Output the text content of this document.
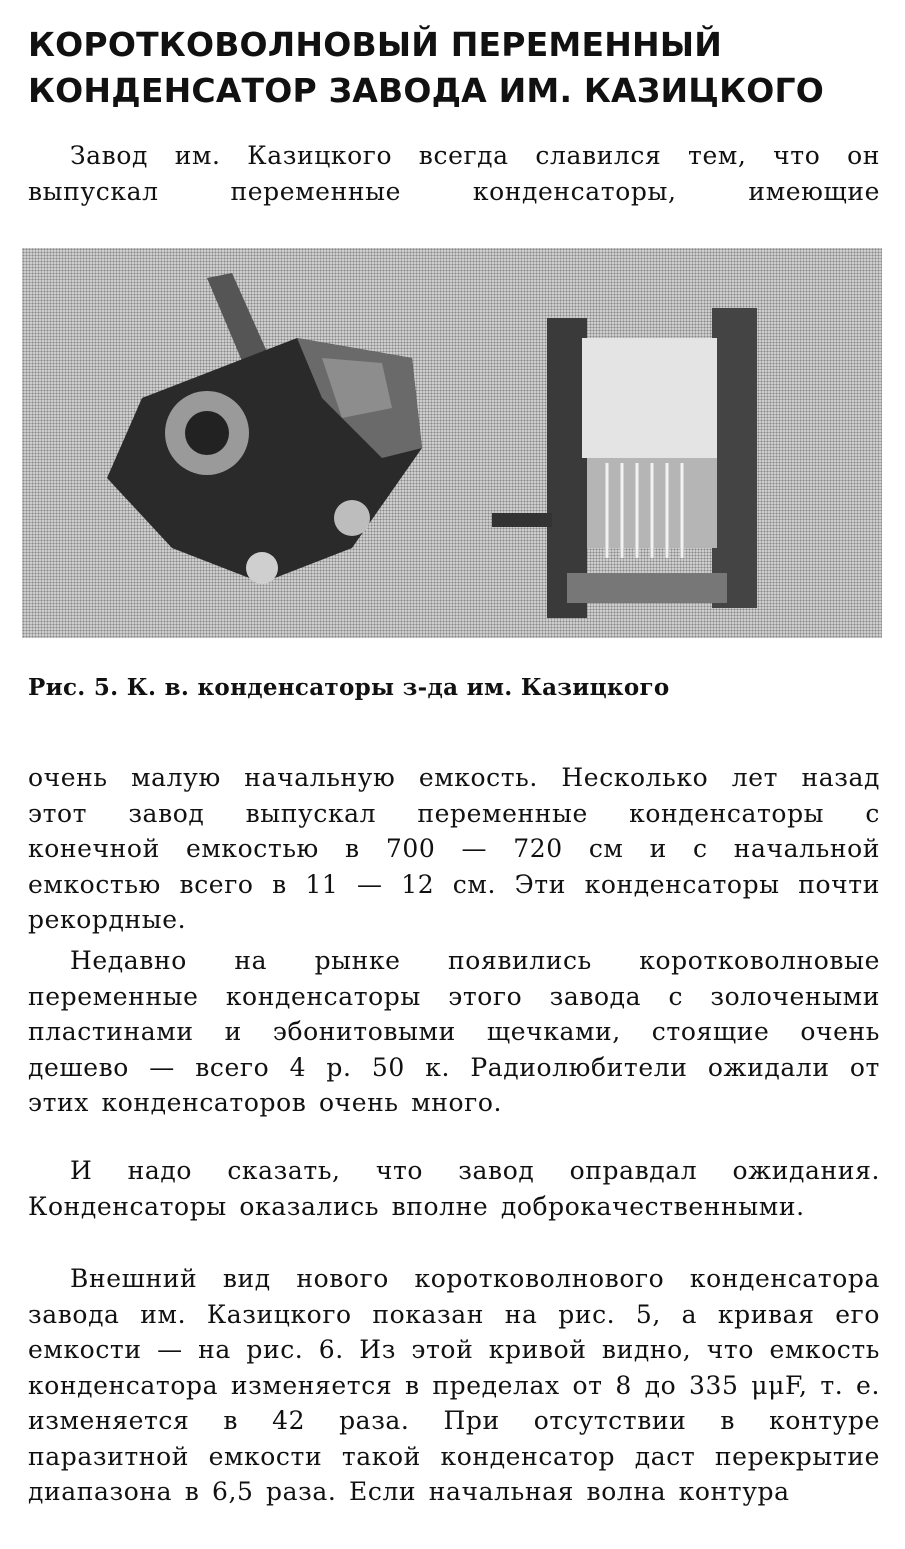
КОРОТКОВОЛНОВЫЙ ПЕРЕМЕННЫЙ
КОНДЕНСАТОР ЗАВОДА ИМ. КАЗИЦКОГО

Завод им. Казицкого всегда славился тем, что он выпускал переменные конденсаторы, имеющие

Рис. 5. К. в. конденсаторы з-да им. Казицкого

очень малую начальную емкость. Несколько лет назад этот завод выпускал переменные конденсаторы с конечной емкостью в 700 — 720 см и с начальной емкостью всего в 11 — 12 см. Эти конденсаторы почти рекордные.

Недавно на рынке появились коротковолновые переменные конденсаторы этого завода с золочеными пластинами и эбонитовыми щечками, стоящие очень дешево — всего 4 р. 50 к. Радиолюбители ожидали от этих конденсаторов очень много.

И надо сказать, что завод оправдал ожидания. Конденсаторы оказались вполне доброкачественными.

Внешний вид нового коротковолнового конденсатора завода им. Казицкого показан на рис. 5, а кривая его емкости — на рис. 6. Из этой кривой видно, что емкость конденсатора изменяется в пределах от 8 до 335 μμF, т. е. изменяется в 42 раза. При отсутствии в контуре паразитной емкости такой конденсатор даст перекрытие диапазона в 6,5 раза. Если начальная волна контура
